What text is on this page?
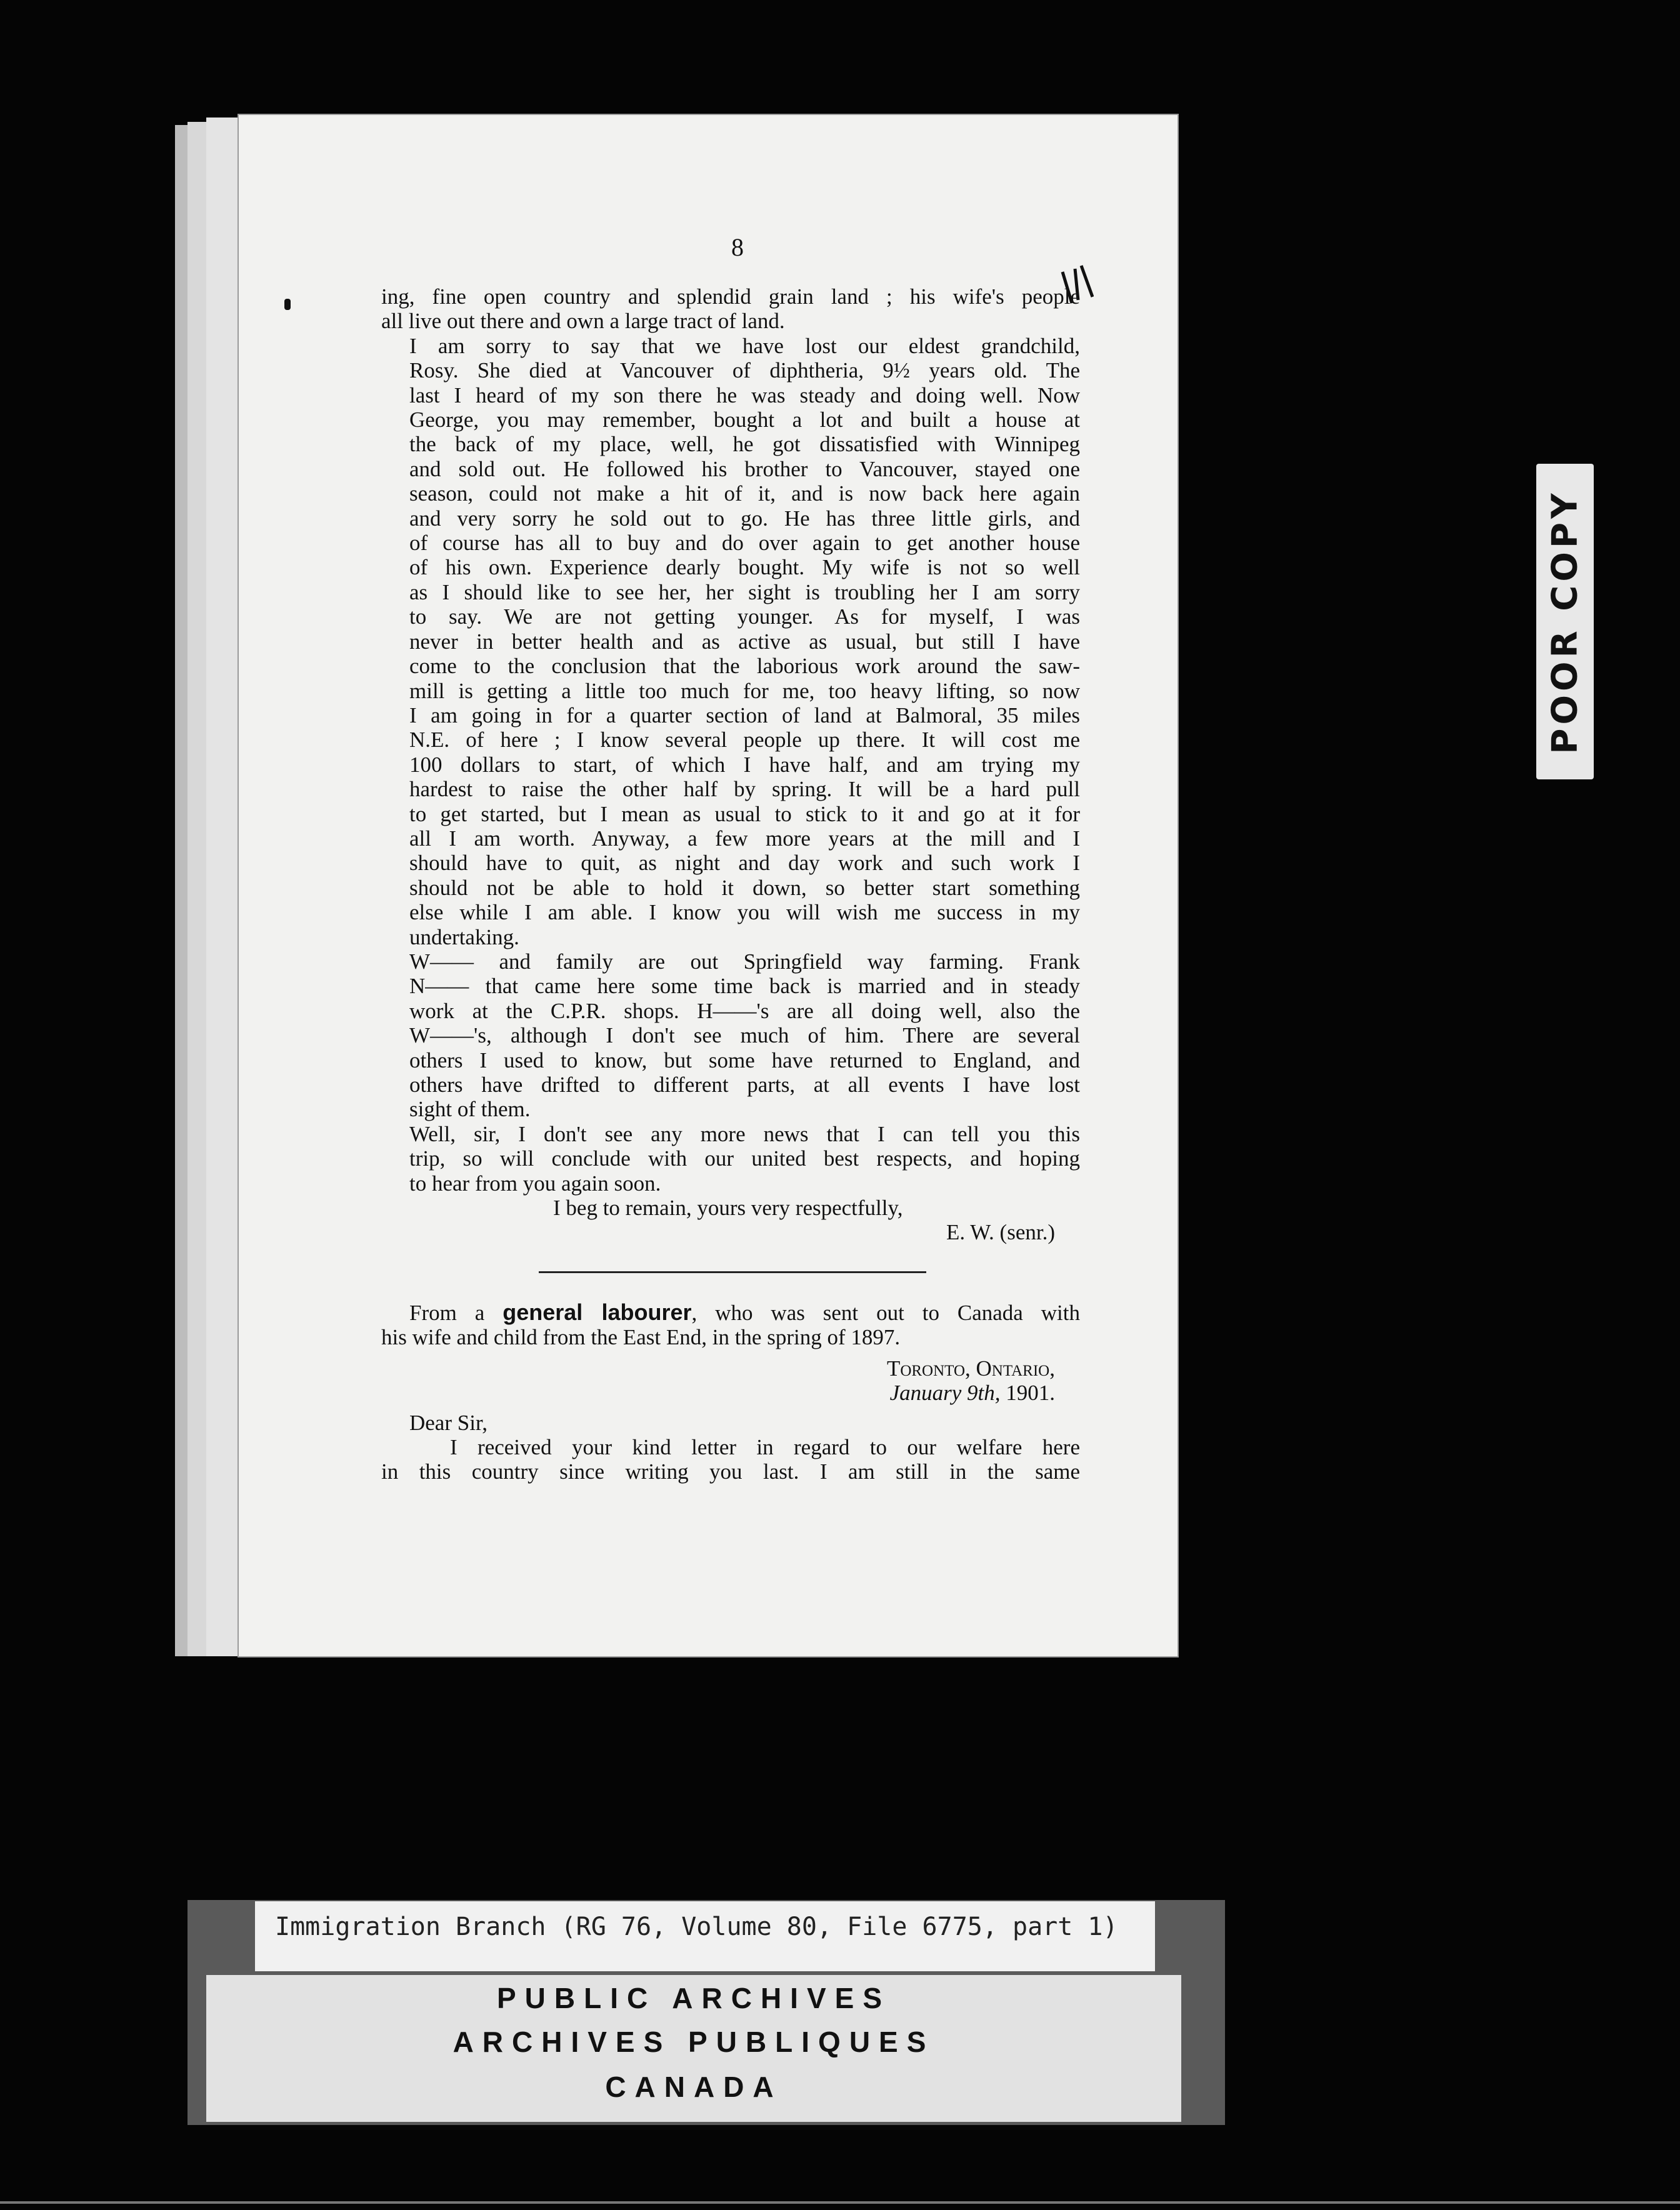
8

ing, fine open country and splendid grain land ; his wife's people
all live out there and own a large tract of land.

I am sorry to say that we have lost our eldest grandchild,
Rosy. She died at Vancouver of diphtheria, 9½ years old. The
last I heard of my son there he was steady and doing well. Now
George, you may remember, bought a lot and built a house at
the back of my place, well, he got dissatisfied with Winnipeg
and sold out. He followed his brother to Vancouver, stayed one
season, could not make a hit of it, and is now back here again
and very sorry he sold out to go. He has three little girls, and
of course has all to buy and do over again to get another house
of his own. Experience dearly bought. My wife is not so well
as I should like to see her, her sight is troubling her I am sorry
to say. We are not getting younger. As for myself, I was
never in better health and as active as usual, but still I have
come to the conclusion that the laborious work around the saw-
mill is getting a little too much for me, too heavy lifting, so now
I am going in for a quarter section of land at Balmoral, 35 miles
N.E. of here ; I know several people up there. It will cost me
100 dollars to start, of which I have half, and am trying my
hardest to raise the other half by spring. It will be a hard pull
to get started, but I mean as usual to stick to it and go at it for
all I am worth. Anyway, a few more years at the mill and I
should have to quit, as night and day work and such work I
should not be able to hold it down, so better start something
else while I am able. I know you will wish me success in my
undertaking.

W—— and family are out Springfield way farming. Frank
N—— that came here some time back is married and in steady
work at the C.P.R. shops. H——'s are all doing well, also the
W——'s, although I don't see much of him. There are several
others I used to know, but some have returned to England, and
others have drifted to different parts, at all events I have lost
sight of them.

Well, sir, I don't see any more news that I can tell you this
trip, so will conclude with our united best respects, and hoping
to hear from you again soon.

I beg to remain, yours very respectfully,
E. W. (senr.)
From a general labourer, who was sent out to Canada with
his wife and child from the East End, in the spring of 1897.
Toronto, Ontario,
January 9th, 1901.
Dear Sir,
I received your kind letter in regard to our welfare here
in this country since writing you last. I am still in the same
POOR COPY
Immigration Branch (RG 76, Volume 80, File 6775, part 1)
PUBLIC ARCHIVES
ARCHIVES PUBLIQUES
CANADA
